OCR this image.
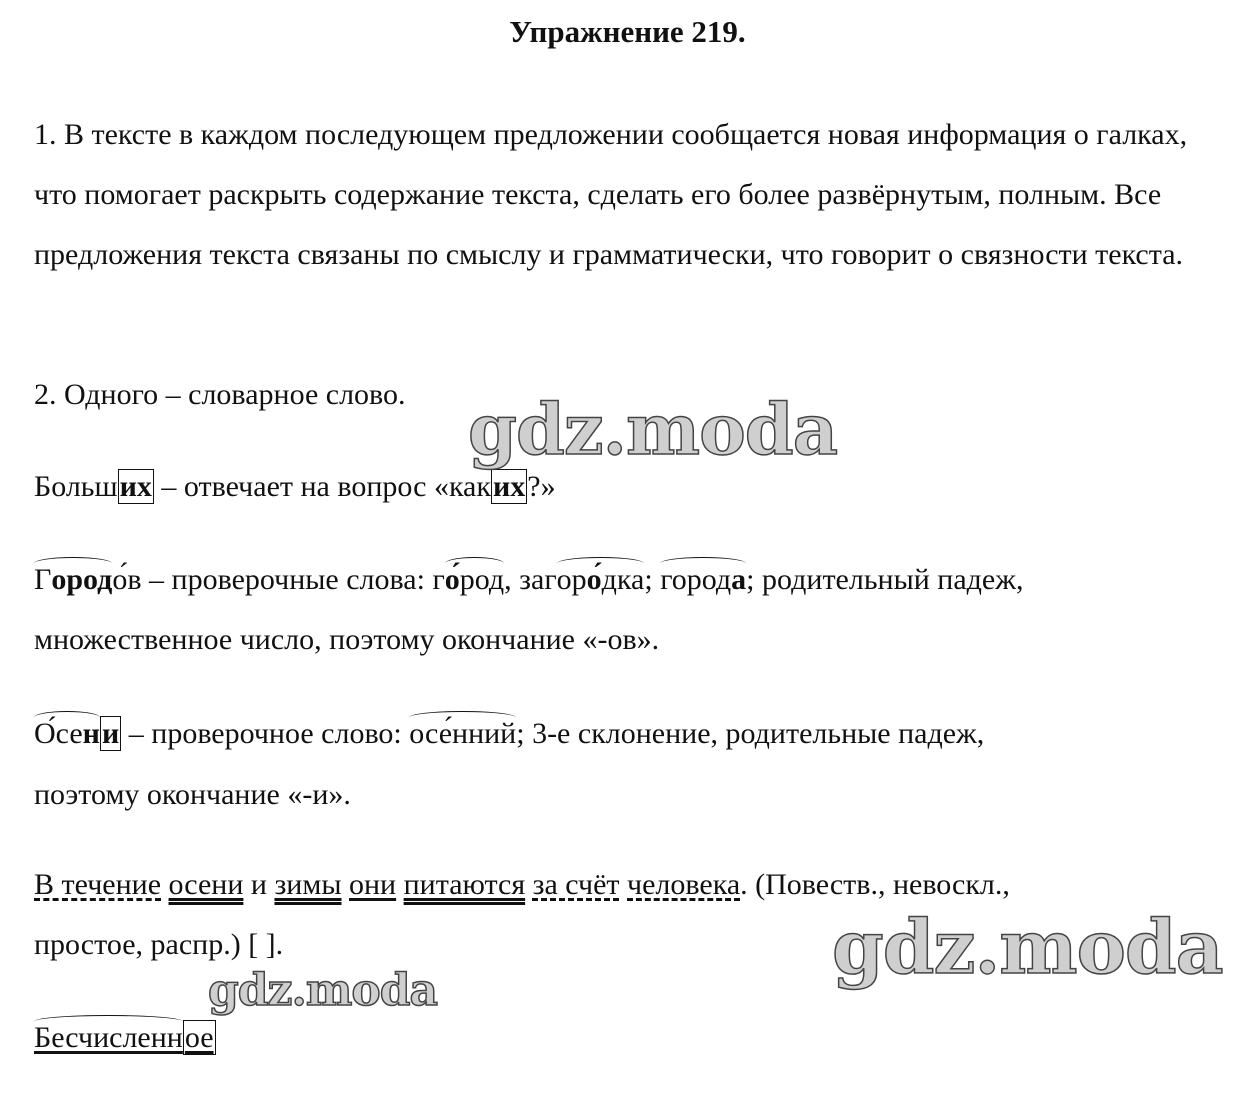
Упражнение 219.
1. В тексте в каждом последующем предложении сообщается новая информация о галках, что помогает раскрыть содержание текста, сделать его более развёрнутым, полным. Все предложения текста связаны по смыслу и грамматически, что говорит о связности текста.
2. Одного – словарное слово.
Больших – отвечает на вопрос «каких?»
Городо́в – проверочные слова: го́род, загоро́дка; города; родительный падеж,
множественное число, поэтому окончание «-ов».
О́сени – проверочное слово: осе́нний; 3-е склонение, родительные падеж,
поэтому окончание «-и».
В течение осени и зимы они питаются за счёт человека. (Повеств., невоскл.,
простое, распр.) [ ].
Бесчисленное
gdz.moda
gdz.moda
gdz.moda
